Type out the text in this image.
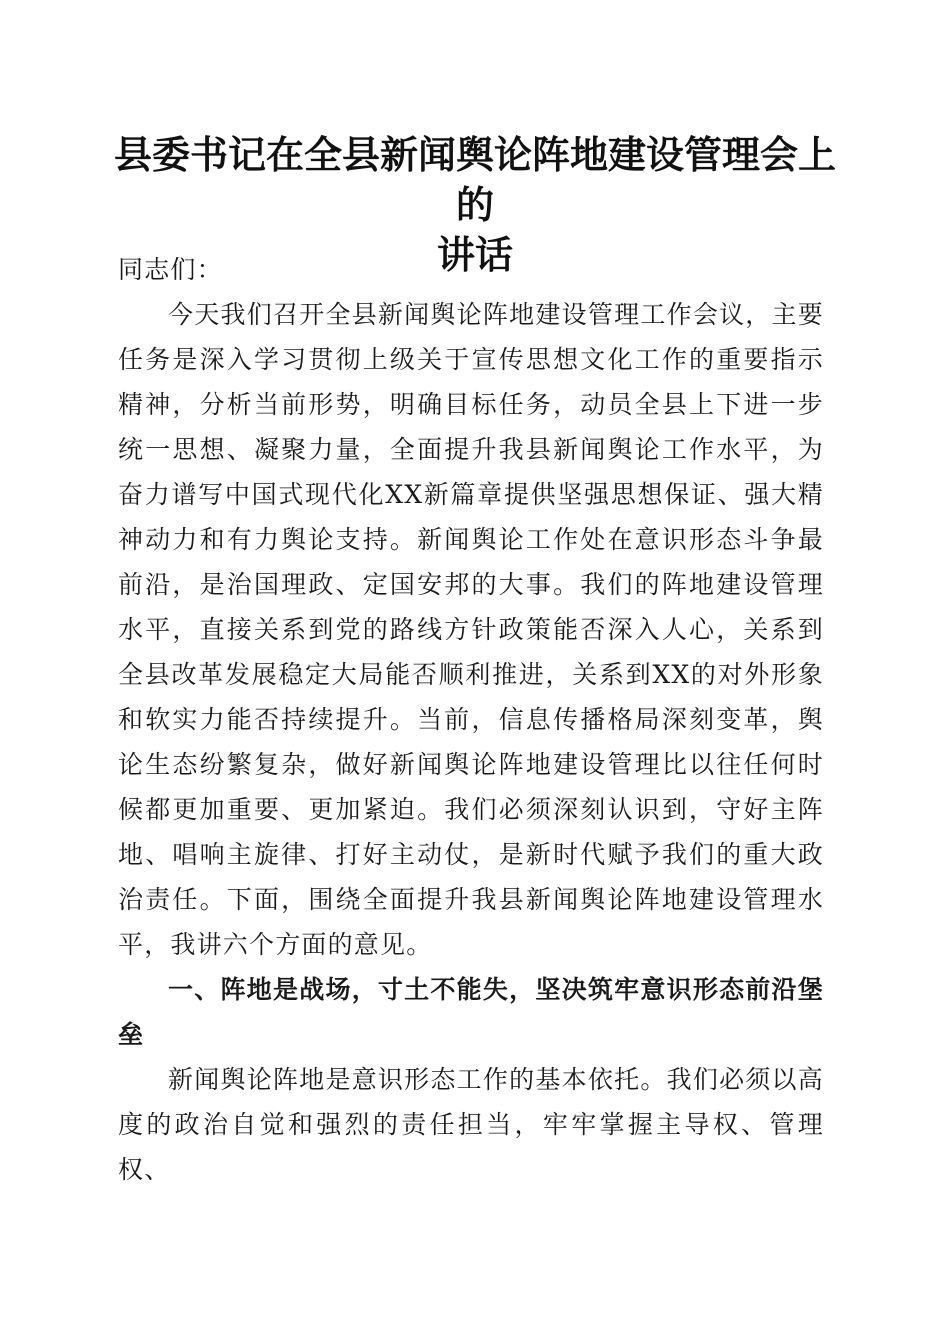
县委书记在全县新闻舆论阵地建设管理会上的
讲话

同志们：

今天我们召开全县新闻舆论阵地建设管理工作会议，主要任务是深入学习贯彻上级关于宣传思想文化工作的重要指示精神，分析当前形势，明确目标任务，动员全县上下进一步统一思想、凝聚力量，全面提升我县新闻舆论工作水平，为奋力谱写中国式现代化XX新篇章提供坚强思想保证、强大精神动力和有力舆论支持。新闻舆论工作处在意识形态斗争最前沿，是治国理政、定国安邦的大事。我们的阵地建设管理水平，直接关系到党的路线方针政策能否深入人心，关系到全县改革发展稳定大局能否顺利推进，关系到XX的对外形象和软实力能否持续提升。当前，信息传播格局深刻变革，舆论生态纷繁复杂，做好新闻舆论阵地建设管理比以往任何时候都更加重要、更加紧迫。我们必须深刻认识到，守好主阵地、唱响主旋律、打好主动仗，是新时代赋予我们的重大政治责任。下面，围绕全面提升我县新闻舆论阵地建设管理水平，我讲六个方面的意见。

一、阵地是战场，寸土不能失，坚决筑牢意识形态前沿堡垒

新闻舆论阵地是意识形态工作的基本依托。我们必须以高度的政治自觉和强烈的责任担当，牢牢掌握主导权、管理权、
